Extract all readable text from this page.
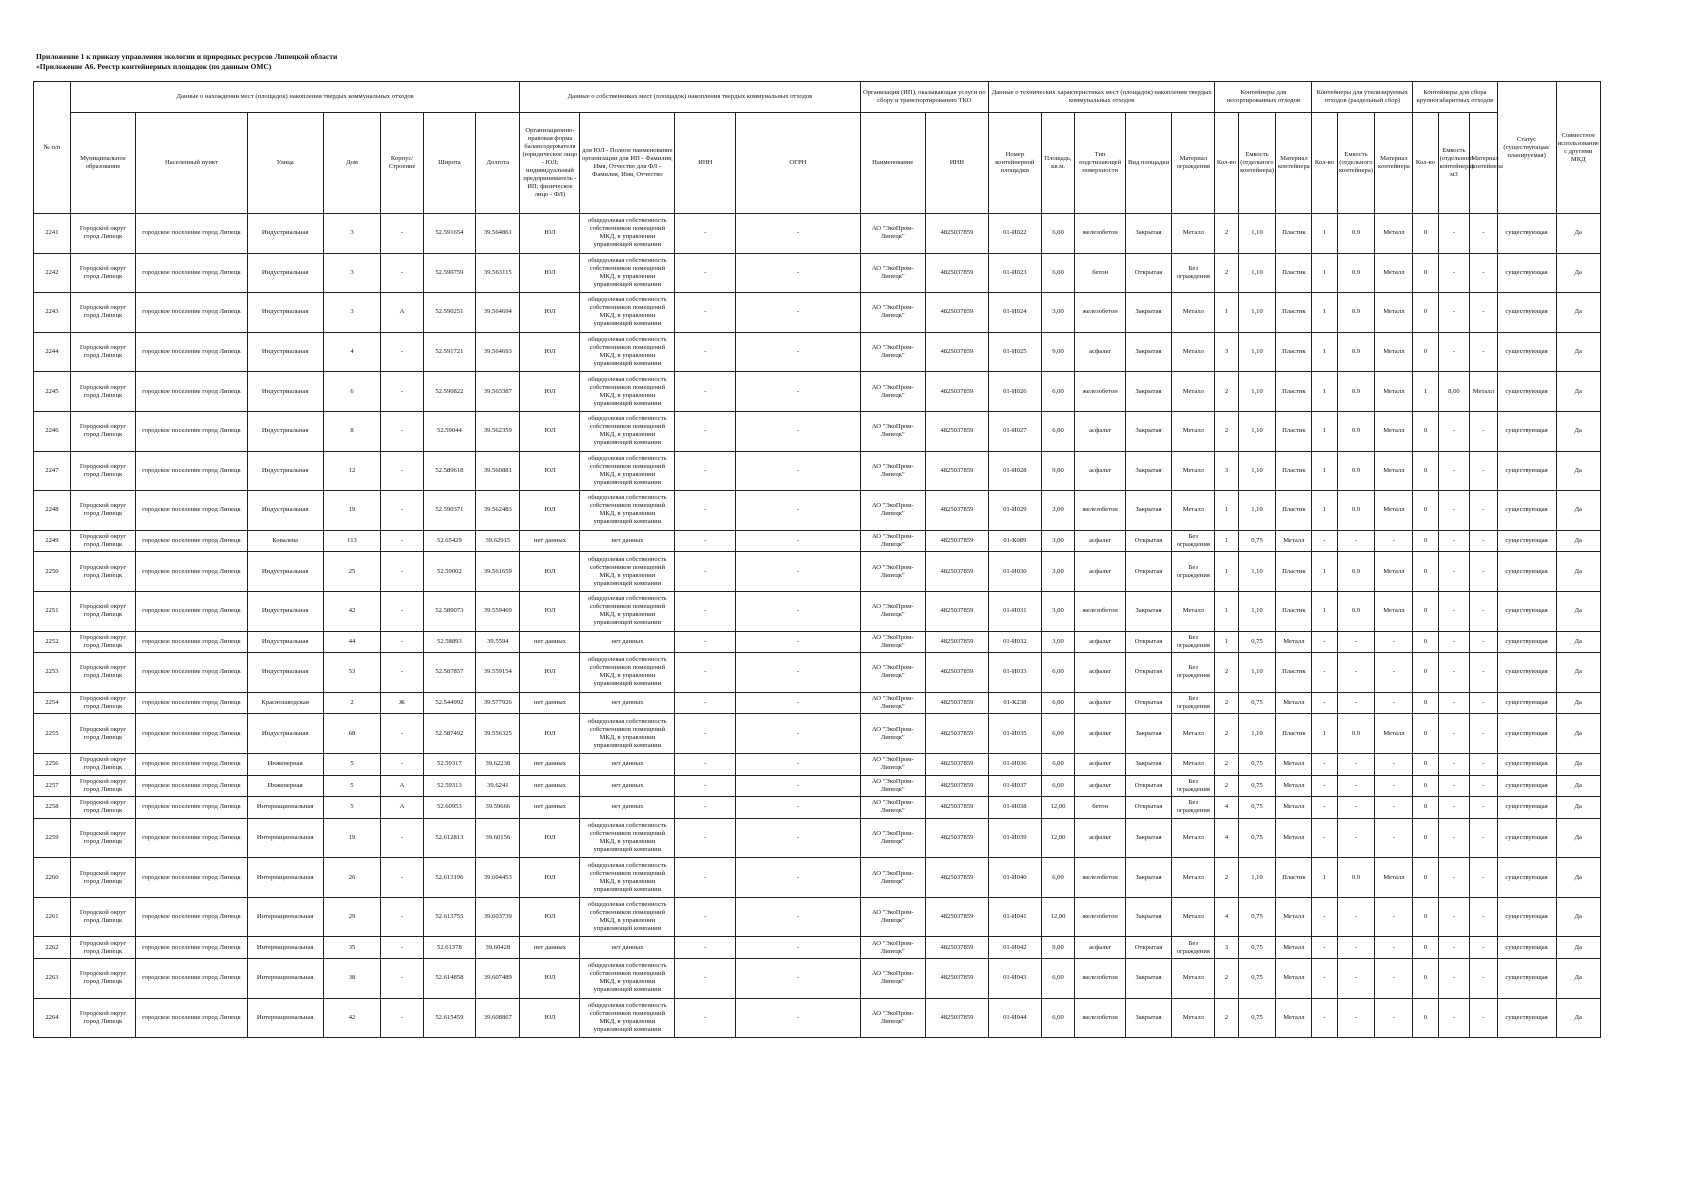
Приложение 1 к приказу управления экологии и природных ресурсов Липецкой области
«Приложение А6. Реестр контейнерных площадок (по данным ОМС)
№ п/п	Данные о нахождении мест (площадок) накопления твердых коммунальных отходов							Данные о собственниках мест (площадок) накопления твердых коммунальных отходов				Организация (ИП), оказывающая услуги по сбору и транспортированию ТКО		Данные о технических характеристиках мест (площадок) накопления твердых коммунальных отходов					Контейнеры для несортированных отходов			Контейнеры для утилизируемых отходов (раздельный сбор)			Контейнеры для сбора крупногабаритных отходов			Статус (существующая/планируемая)	Совместное использование с другими МКД
	Муниципальное образование	Населенный пункт	Улица	Дом	Корпус/Строение	Широта	Долгота	Организационно-правовая форма балансодержателя (юридическое лицо - ЮЛ; индивидуальный предприниматель - ИП; физическое лицо - ФЛ)	для ЮЛ - Полное наименование организации для ИП - Фамилия, Имя, Отчество для ФЛ - Фамилия, Имя, Отчество	ИНН	ОГРН	Наименование	ИНН	Номер контейнерной площадки	Площадь, кв.м.	Тип подстилающей поверхности	Вид площадки	Материал ограждения	Кол-во	Емкость (отдельного контейнера)	Материал контейнера	Кол-во	Емкость (отдельного контейнера)	Материал контейнера	Кол-во	Емкость (отдельного контейнера) м3	Материал контейнера		
2241	Городской округ город Липецк	городское поселение город Липецк	Индустриальная	3	-	52.591654	39.564861	ЮЛ	общедолевая собственность собственников помещений МКД, в управлении управляющей компании	-	-	АО "ЭкоПром-Липецк"	4825037859	01-И022	6,00	железобетон	Закрытая	Металл	2	1,10	Пластик	1	0.9	Металл	0	-	-	существующая	Да
2242	Городской округ город Липецк	городское поселение город Липецк	Индустриальная	3	-	52.590759	39.563115	ЮЛ	общедолевая собственность собственников помещений МКД, в управлении управляющей компании	-	-	АО "ЭкоПром-Липецк"	4825037859	01-И023	6,00	бетон	Открытая	Без ограждения	2	1,10	Пластик	1	0.9	Металл	0	-	-	существующая	Да
2243	Городской округ город Липецк	городское поселение город Липецк	Индустриальная	3	А	52.590251	39.564694	ЮЛ	общедолевая собственность собственников помещений МКД, в управлении управляющей компании	-	-	АО "ЭкоПром-Липецк"	4825037859	01-И024	3,00	железобетон	Закрытая	Металл	1	1,10	Пластик	1	0.9	Металл	0	-	-	существующая	Да
2244	Городской округ город Липецк	городское поселение город Липецк	Индустриальная	4	-	52.591721	39.564693	ЮЛ	общедолевая собственность собственников помещений МКД, в управлении управляющей компании	-	-	АО "ЭкоПром-Липецк"	4825037859	01-И025	9,00	асфальт	Закрытая	Металл	3	1,10	Пластик	1	0.9	Металл	0	-	-	существующая	Да
2245	Городской округ город Липецк	городское поселение город Липецк	Индустриальная	6	-	52.590822	39.563387	ЮЛ	общедолевая собственность собственников помещений МКД, в управлении управляющей компании	-	-	АО "ЭкоПром-Липецк"	4825037859	01-И026	6,00	железобетон	Закрытая	Металл	2	1,10	Пластик	1	0.9	Металл	1	8,00	Металл	существующая	Да
2246	Городской округ город Липецк	городское поселение город Липецк	Индустриальная	8	-	52.59044	39.562359	ЮЛ	общедолевая собственность собственников помещений МКД, в управлении управляющей компании	-	-	АО "ЭкоПром-Липецк"	4825037859	01-И027	6,00	асфальт	Закрытая	Металл	2	1,10	Пластик	1	0.9	Металл	0	-	-	существующая	Да
2247	Городской округ город Липецк	городское поселение город Липецк	Индустриальная	12	-	52.589618	39.560881	ЮЛ	общедолевая собственность собственников помещений МКД, в управлении управляющей компании	-	-	АО "ЭкоПром-Липецк"	4825037859	01-И028	9,00	асфальт	Закрытая	Металл	3	1,10	Пластик	1	0.9	Металл	0	-	-	существующая	Да
2248	Городской округ город Липецк	городское поселение город Липецк	Индустриальная	19	-	52.590371	39.562483	ЮЛ	общедолевая собственность собственников помещений МКД, в управлении управляющей компании	-	-	АО "ЭкоПром-Липецк"	4825037859	01-И029	3,00	железобетон	Закрытая	Металл	1	1,10	Пластик	1	0.9	Металл	0	-	-	существующая	Да
2249	Городской округ город Липецк	городское поселение город Липецк	Ковалева	113	-	52.65429	39.62915	нет данных	нет данных	-	-	АО "ЭкоПром-Липецк"	4825037859	01-К089	3,00	асфальт	Открытая	Без ограждения	1	0,75	Металл	-	-	-	0	-	-	существующая	Да
2250	Городской округ город Липецк	городское поселение город Липецк	Индустриальная	25	-	52.59002	39.561659	ЮЛ	общедолевая собственность собственников помещений МКД, в управлении управляющей компании	-	-	АО "ЭкоПром-Липецк"	4825037859	01-И030	3,00	асфальт	Открытая	Без ограждения	1	1,10	Пластик	1	0.9	Металл	0	-	-	существующая	Да
2251	Городской округ город Липецк	городское поселение город Липецк	Индустриальная	42	-	52.589073	39.559469	ЮЛ	общедолевая собственность собственников помещений МКД, в управлении управляющей компании	-	-	АО "ЭкоПром-Липецк"	4825037859	01-И031	3,00	железобетон	Закрытая	Металл	1	1,10	Пластик	1	0.9	Металл	0	-	-	существующая	Да
2252	Городской округ город Липецк	городское поселение город Липецк	Индустриальная	44	-	52.58893	39.5594	нет данных	нет данных	-	-	АО "ЭкоПром-Липецк"	4825037859	01-И032	3,00	асфальт	Открытая	Без ограждения	1	0,75	Металл	-	-	-	0	-	-	существующая	Да
2253	Городской округ город Липецк	городское поселение город Липецк	Индустриальная	53	-	52.587857	39.559154	ЮЛ	общедолевая собственность собственников помещений МКД, в управлении управляющей компании	-	-	АО "ЭкоПром-Липецк"	4825037859	01-И033	6,00	асфальт	Открытая	Без ограждения	2	1,10	Пластик	-	-	-	0	-	-	существующая	Да
2254	Городской округ город Липецк	городское поселение город Липецк	Краснозаводская	2	Ж	52.544992	39.577926	нет данных	нет данных	-	-	АО "ЭкоПром-Липецк"	4825037859	01-К238	6,00	асфальт	Открытая	Без ограждения	2	0,75	Металл	-	-	-	0	-	-	существующая	Да
2255	Городской округ город Липецк	городское поселение город Липецк	Индустриальная	68	-	52.587492	39.556325	ЮЛ	общедолевая собственность собственников помещений МКД, в управлении управляющей компании	-	-	АО "ЭкоПром-Липецк"	4825037859	01-И035	6,00	асфальт	Закрытая	Металл	2	1,10	Пластик	1	0.9	Металл	0	-	-	существующая	Да
2256	Городской округ город Липецк	городское поселение город Липецк	Инженерная	5	-	52.59317	39.62238	нет данных	нет данных	-	-	АО "ЭкоПром-Липецк"	4825037859	01-И036	6,00	асфальт	Закрытая	Металл	2	0,75	Металл	-	-	-	0	-	-	существующая	Да
2257	Городской округ город Липецк	городское поселение город Липецк	Инженерная	5	А	52.59313	39.6241	нет данных	нет данных	-	-	АО "ЭкоПром-Липецк"	4825037859	01-И037	6,00	асфальт	Открытая	Без ограждения	2	0,75	Металл	-	-	-	0	-	-	существующая	Да
2258	Городской округ город Липецк	городское поселение город Липецк	Интернациональная	5	А	52.60953	39.59666	нет данных	нет данных	-	-	АО "ЭкоПром-Липецк"	4825037859	01-И038	12,00	бетон	Открытая	Без ограждения	4	0,75	Металл	-	-	-	0	-	-	существующая	Да
2259	Городской округ город Липецк	городское поселение город Липецк	Интернациональная	19	-	52.612813	39.60156	ЮЛ	общедолевая собственность собственников помещений МКД, в управлении управляющей компании	-	-	АО "ЭкоПром-Липецк"	4825037859	01-И039	12,00	асфальт	Закрытая	Металл	4	0,75	Металл	-	-	-	0	-	-	существующая	Да
2260	Городской округ город Липецк	городское поселение город Липецк	Интернациональная	26	-	52.613196	39.604453	ЮЛ	общедолевая собственность собственников помещений МКД, в управлении управляющей компании	-	-	АО "ЭкоПром-Липецк"	4825037859	01-И040	6,00	железобетон	Закрытая	Металл	2	1,10	Пластик	1	0.9	Металл	0	-	-	существующая	Да
2261	Городской округ город Липецк	городское поселение город Липецк	Интернациональная	29	-	52.613755	39.603739	ЮЛ	общедолевая собственность собственников помещений МКД, в управлении управляющей компании	-	-	АО "ЭкоПром-Липецк"	4825037859	01-И041	12,00	железобетон	Закрытая	Металл	4	0,75	Металл	-	-	-	0	-	-	существующая	Да
2262	Городской округ город Липецк	городское поселение город Липецк	Интернациональная	35	-	52.61378	39.60428	нет данных	нет данных	-	-	АО "ЭкоПром-Липецк"	4825037859	01-И042	9,00	асфальт	Открытая	Без ограждения	3	0,75	Металл	-	-	-	0	-	-	существующая	Да
2263	Городской округ город Липецк	городское поселение город Липецк	Интернациональная	38	-	52.614858	39.607489	ЮЛ	общедолевая собственность собственников помещений МКД, в управлении управляющей компании	-	-	АО "ЭкоПром-Липецк"	4825037859	01-И043	6,00	железобетон	Закрытая	Металл	2	0,75	Металл	-	-	-	0	-	-	существующая	Да
2264	Городской округ город Липецк	городское поселение город Липецк	Интернациональная	42	-	52.615459	39.608867	ЮЛ	общедолевая собственность собственников помещений МКД, в управлении управляющей компании	-	-	АО "ЭкоПром-Липецк"	4825037859	01-И044	6,00	железобетон	Закрытая	Металл	2	0,75	Металл	-	-	-	0	-	-	существующая	Да
